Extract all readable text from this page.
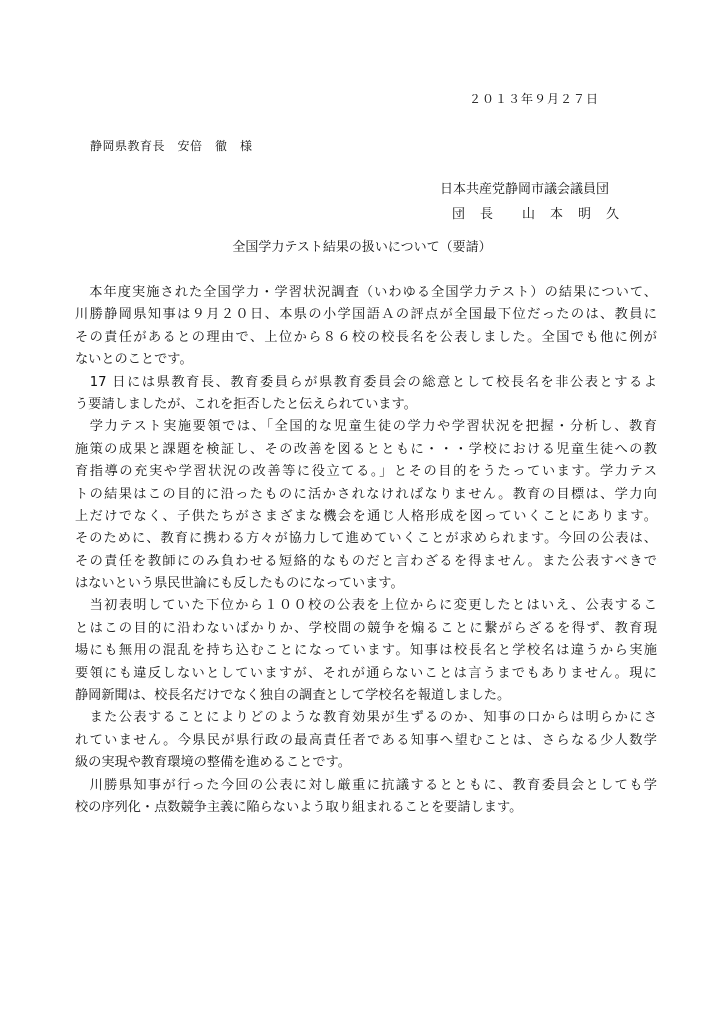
２０１３年９月２７日
静岡県教育長　安倍　徹　様
日本共産党静岡市議会議員団
団　長　　山　本　明　久
全国学力テスト結果の扱いについて（要請）
　本年度実施された全国学力・学習状況調査（いわゆる全国学力テスト）の結果について、
川勝静岡県知事は９月２０日、本県の小学国語Ａの評点が全国最下位だったのは、教員に
その責任があるとの理由で、上位から８６校の校長名を公表しました。全国でも他に例が
ないとのことです。
　17 日には県教育長、教育委員らが県教育委員会の総意として校長名を非公表とするよ
う要請しましたが、これを拒否したと伝えられています。
　学力テスト実施要領では、「全国的な児童生徒の学力や学習状況を把握・分析し、教育
施策の成果と課題を検証し、その改善を図るとともに・・・学校における児童生徒への教
育指導の充実や学習状況の改善等に役立てる。」とその目的をうたっています。学力テス
トの結果はこの目的に沿ったものに活かされなければなりません。教育の目標は、学力向
上だけでなく、子供たちがさまざまな機会を通じ人格形成を図っていくことにあります。
そのために、教育に携わる方々が協力して進めていくことが求められます。今回の公表は、
その責任を教師にのみ負わせる短絡的なものだと言わざるを得ません。また公表すべきで
はないという県民世論にも反したものになっています。
　当初表明していた下位から１００校の公表を上位からに変更したとはいえ、公表するこ
とはこの目的に沿わないばかりか、学校間の競争を煽ることに繋がらざるを得ず、教育現
場にも無用の混乱を持ち込むことになっています。知事は校長名と学校名は違うから実施
要領にも違反しないとしていますが、それが通らないことは言うまでもありません。現に
静岡新聞は、校長名だけでなく独自の調査として学校名を報道しました。
　また公表することによりどのような教育効果が生ずるのか、知事の口からは明らかにさ
れていません。今県民が県行政の最高責任者である知事へ望むことは、さらなる少人数学
級の実現や教育環境の整備を進めることです。
　川勝県知事が行った今回の公表に対し厳重に抗議するとともに、教育委員会としても学
校の序列化・点数競争主義に陥らないよう取り組まれることを要請します。
